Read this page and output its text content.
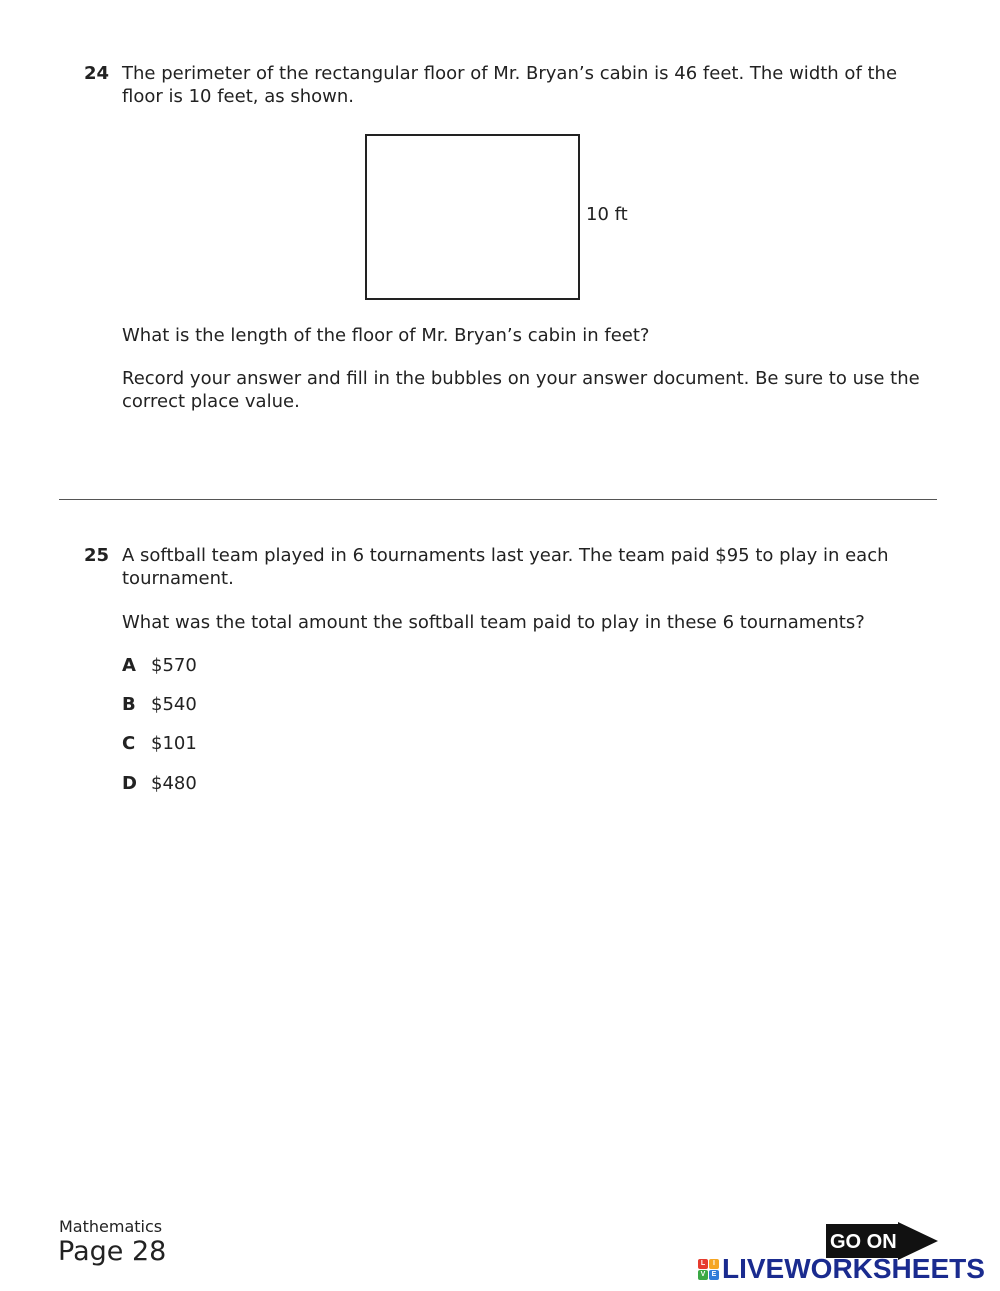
24 The perimeter of the rectangular floor of Mr. Bryan’s cabin is 46 feet. The width of the floor is 10 feet, as shown.

10 ft

What is the length of the floor of Mr. Bryan’s cabin in feet?

Record your answer and fill in the bubbles on your answer document. Be sure to use the correct place value.

25 A softball team played in 6 tournaments last year. The team paid $95 to play in each tournament.

What was the total amount the softball team paid to play in these 6 tournaments?

A $570
B $540
C $101
D $480
Mathematics
Page 28	GO ON
L	I
V E LIVEWORKSHEETS
